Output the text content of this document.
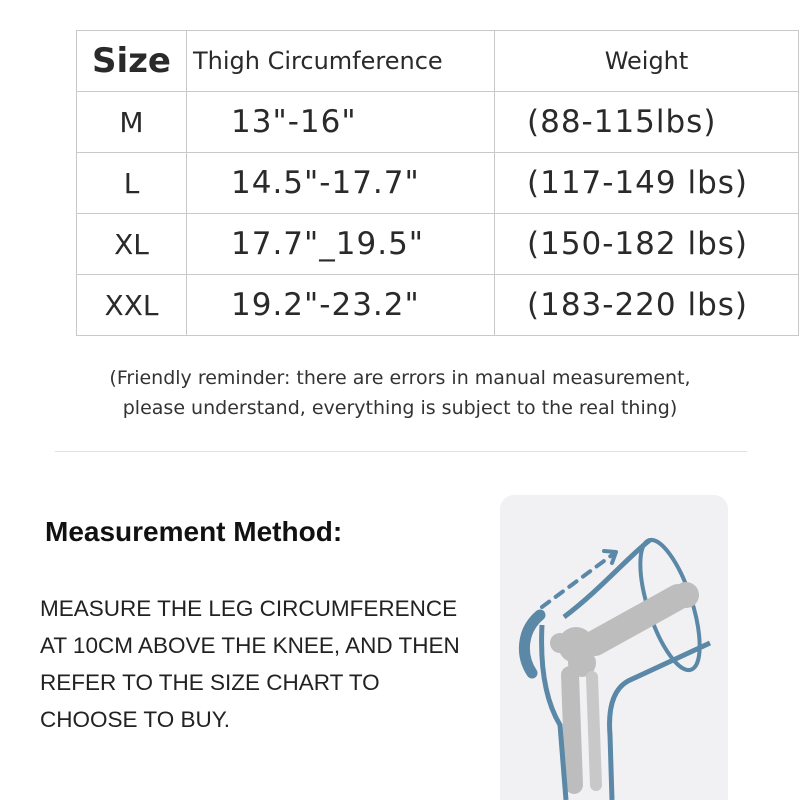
Size	Thigh Circumference	Weight
M	13"-16"	(88-115lbs)
L	14.5"-17.7"	(117-149 lbs)
XL	17.7"_19.5"	(150-182 lbs)
XXL	19.2"-23.2"	(183-220 lbs)
(Friendly reminder: there are errors in manual measurement,
please understand, everything is subject to the real thing)
Measurement Method:
MEASURE THE LEG CIRCUMFERENCE
AT 10CM ABOVE THE KNEE, AND THEN
REFER TO THE SIZE CHART TO
CHOOSE TO BUY.
